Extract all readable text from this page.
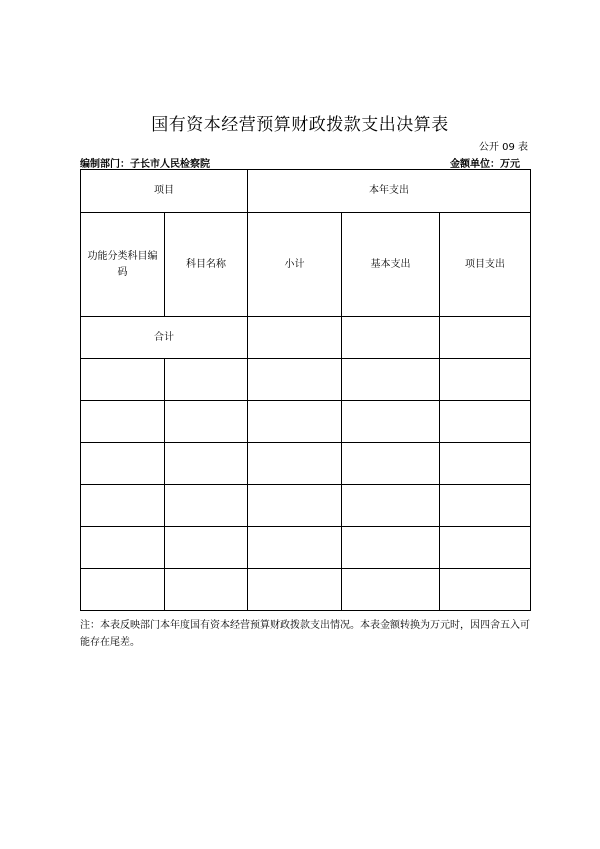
国有资本经营预算财政拨款支出决算表
公开 09 表
编制部门：子长市人民检察院	金额单位：万元
项目		本年支出		
功能分类科目编码	科目名称	小计	基本支出	项目支出
合计				

注：本表反映部门本年度国有资本经营预算财政拨款支出情况。本表金额转换为万元时，因四舍五入可能存在尾差。
